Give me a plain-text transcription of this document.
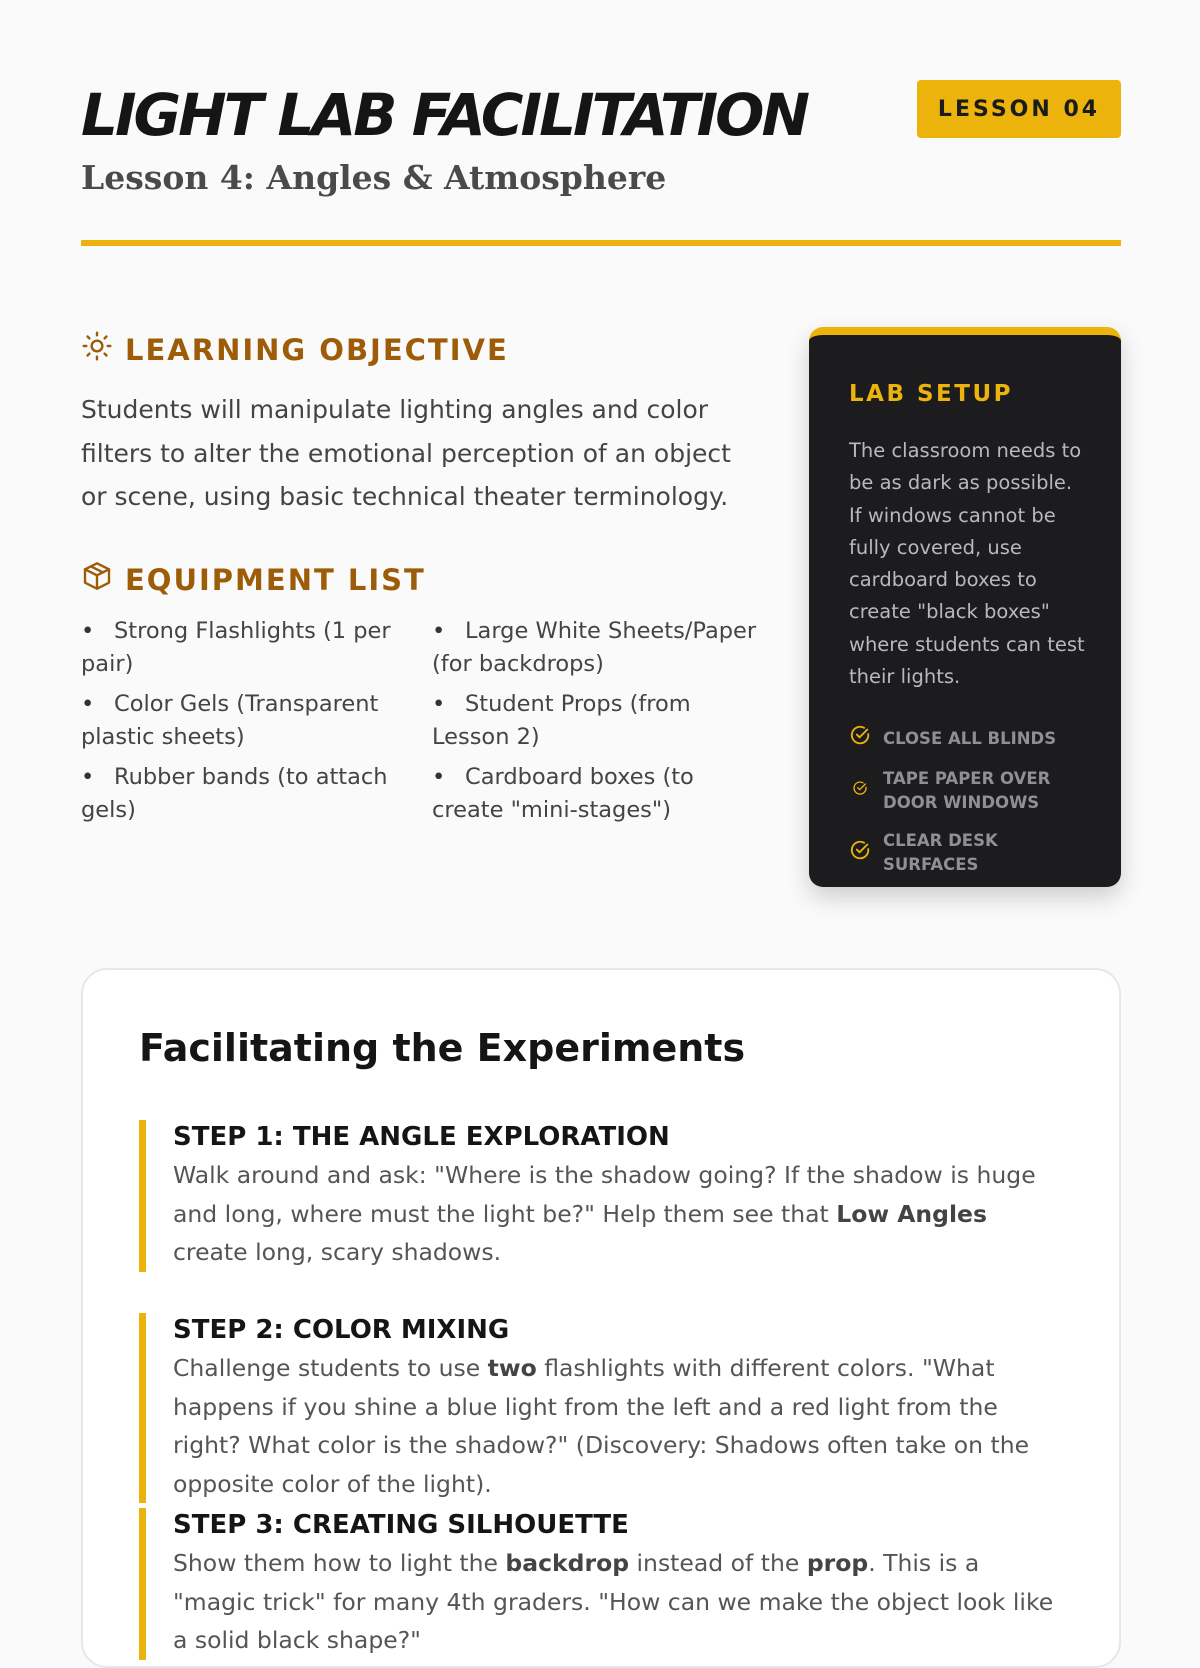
LIGHT LAB FACILITATION	LESSON 04
Lesson 4: Angles & Atmosphere
LEARNING OBJECTIVE

Students will manipulate lighting angles and color filters to alter the emotional perception of an object or scene, using basic technical theater terminology.

EQUIPMENT LIST
• Strong Flashlights (1 per pair)
• Color Gels (Transparent plastic sheets)
• Rubber bands (to attach gels)
• Large White Sheets/Paper (for backdrops)
• Student Props (from Lesson 2)
• Cardboard boxes (to create "mini-stages")
LAB SETUP

The classroom needs to be as dark as possible. If windows cannot be fully covered, use cardboard boxes to create "black boxes" where students can test their lights.

CLOSE ALL BLINDS
TAPE PAPER OVER DOOR WINDOWS
CLEAR DESK SURFACES
Facilitating the Experiments
STEP 1: THE ANGLE EXPLORATION

Walk around and ask: "Where is the shadow going? If the shadow is huge and long, where must the light be?" Help them see that Low Angles create long, scary shadows.

STEP 2: COLOR MIXING

Challenge students to use two flashlights with different colors. "What happens if you shine a blue light from the left and a red light from the right? What color is the shadow?" (Discovery: Shadows often take on the opposite color of the light).

STEP 3: CREATING SILHOUETTE

Show them how to light the backdrop instead of the prop. This is a "magic trick" for many 4th graders. "How can we make the object look like a solid black shape?"
